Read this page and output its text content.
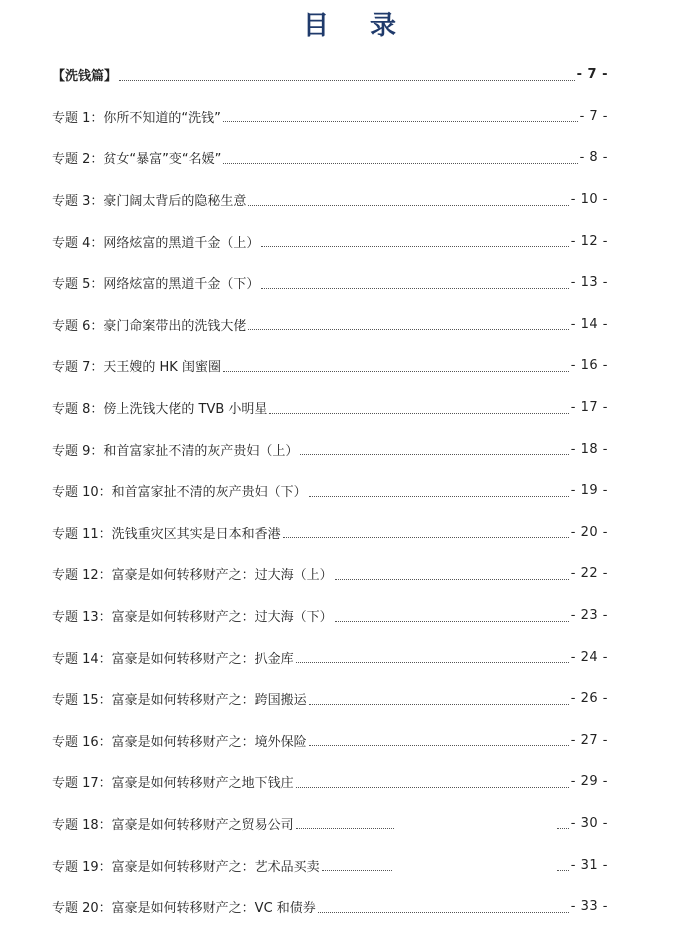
目 录
【洗钱篇】	- 7 -
专题 1：你所不知道的“洗钱”	- 7 -
专题 2：贫女“暴富”变“名媛”	- 8 -
专题 3：豪门阔太背后的隐秘生意	- 10 -
专题 4：网络炫富的黑道千金（上）	- 12 -
专题 5：网络炫富的黑道千金（下）	- 13 -
专题 6：豪门命案带出的洗钱大佬	- 14 -
专题 7：天王嫂的 HK 闺蜜圈	- 16 -
专题 8：傍上洗钱大佬的 TVB 小明星	- 17 -
专题 9：和首富家扯不清的灰产贵妇（上）	- 18 -
专题 10：和首富家扯不清的灰产贵妇（下）	- 19 -
专题 11：洗钱重灾区其实是日本和香港	- 20 -
专题 12：富豪是如何转移财产之：过大海（上）	- 22 -
专题 13：富豪是如何转移财产之：过大海（下）	- 23 -
专题 14：富豪是如何转移财产之：扒金库	- 24 -
专题 15：富豪是如何转移财产之：跨国搬运	- 26 -
专题 16：富豪是如何转移财产之：境外保险	- 27 -
专题 17：富豪是如何转移财产之地下钱庄	- 29 -
专题 18：富豪是如何转移财产之贸易公司	- 30 -
专题 19：富豪是如何转移财产之：艺术品买卖	- 31 -
专题 20：富豪是如何转移财产之：VC 和债券	- 33 -
